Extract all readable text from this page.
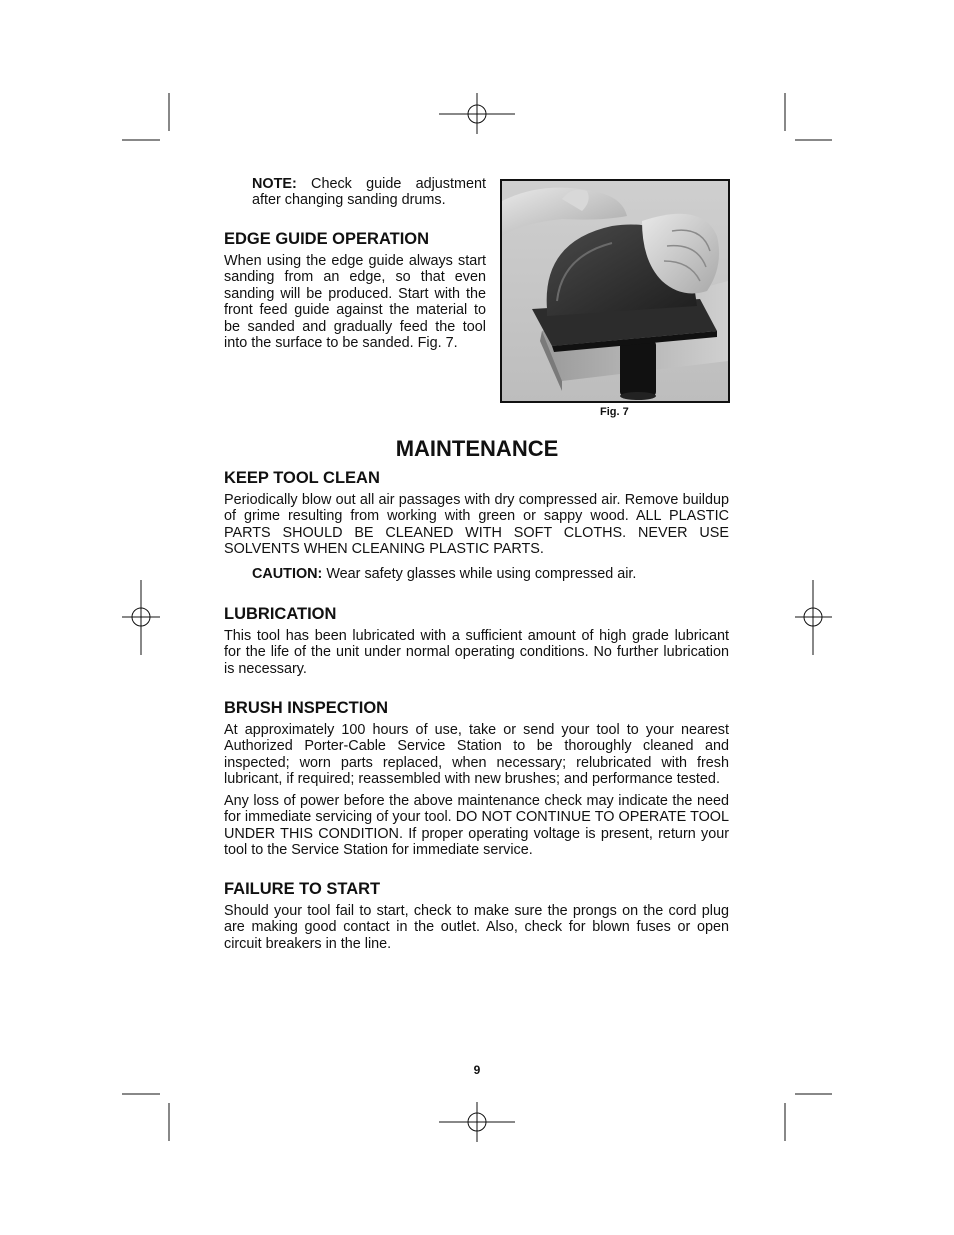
NOTE: Check guide adjustment after changing sanding drums.

EDGE GUIDE OPERATION

When using the edge guide always start sanding from an edge, so that even sanding will be produced. Start with the front feed guide against the material to be sanded and gradually feed the tool into the surface to be sanded. Fig. 7.

Fig. 7
MAINTENANCE
KEEP TOOL CLEAN

Periodically blow out all air passages with dry compressed air. Remove buildup of grime resulting from working with green or sappy wood. ALL PLASTIC PARTS SHOULD BE CLEANED WITH SOFT CLOTHS. NEVER USE SOLVENTS WHEN CLEANING PLASTIC PARTS.

CAUTION: Wear safety glasses while using compressed air.

LUBRICATION

This tool has been lubricated with a sufficient amount of high grade lubricant for the life of the unit under normal operating conditions. No further lubrication is necessary.

BRUSH INSPECTION

At approximately 100 hours of use, take or send your tool to your nearest Authorized Porter-Cable Service Station to be thoroughly cleaned and inspected; worn parts replaced, when necessary; relubricated with fresh lubricant, if required; reassembled with new brushes; and performance tested.

Any loss of power before the above maintenance check may indicate the need for immediate servicing of your tool. DO NOT CONTINUE TO OPERATE TOOL UNDER THIS CONDITION. If proper operating voltage is present, return your tool to the Service Station for immediate service.

FAILURE TO START

Should your tool fail to start, check to make sure the prongs on the cord plug are making good contact in the outlet. Also, check for blown fuses or open circuit breakers in the line.

9
